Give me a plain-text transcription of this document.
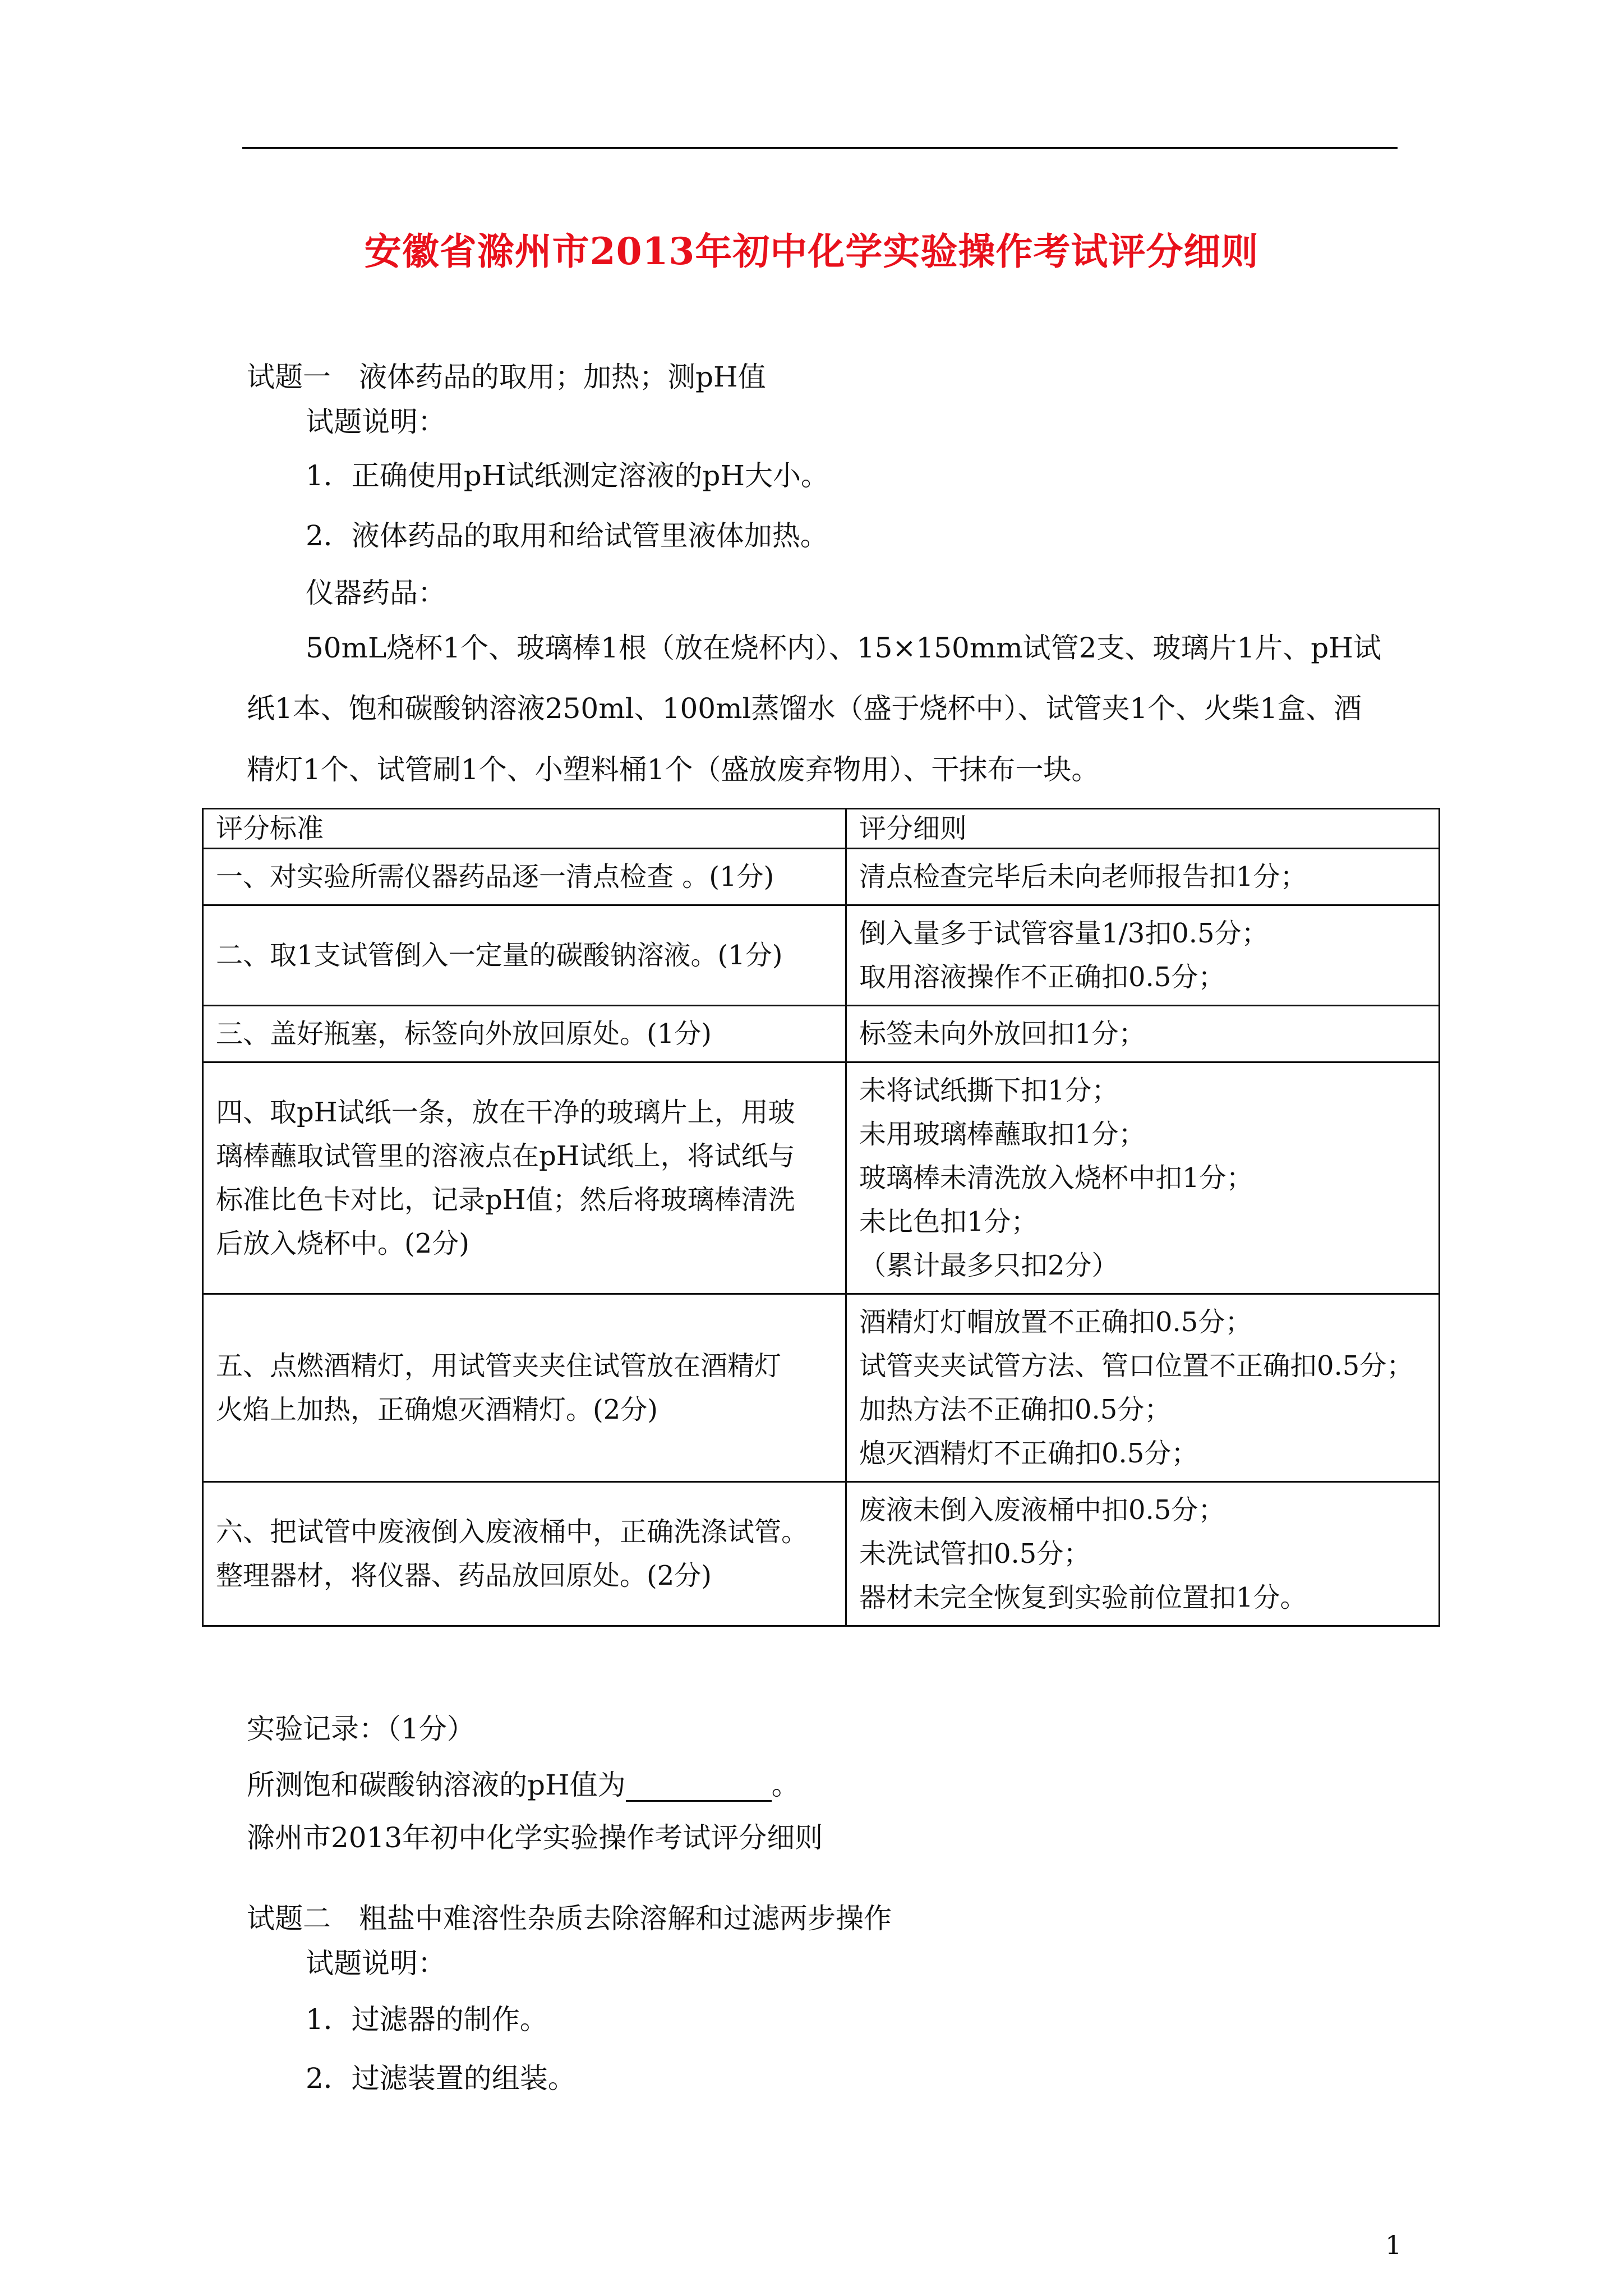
安徽省滁州市2013年初中化学实验操作考试评分细则
试题一　液体药品的取用；加热；测pH值
试题说明：
1．正确使用pH试纸测定溶液的pH大小。
2．液体药品的取用和给试管里液体加热。
仪器药品：
50mL烧杯1个、玻璃棒1根（放在烧杯内）、15×150mm试管2支、玻璃片1片、pH试
纸1本、饱和碳酸钠溶液250ml、100ml蒸馏水（盛于烧杯中）、试管夹1个、火柴1盒、酒
精灯1个、试管刷1个、小塑料桶1个（盛放废弃物用）、干抹布一块。
评分标准	评分细则

一、对实验所需仪器药品逐一清点检查 。(1分)	清点检查完毕后未向老师报告扣1分；

二、取1支试管倒入一定量的碳酸钠溶液。(1分)	倒入量多于试管容量1/3扣0.5分；
取用溶液操作不正确扣0.5分；

三、盖好瓶塞，标签向外放回原处。(1分)	标签未向外放回扣1分；

四、取pH试纸一条，放在干净的玻璃片上，用玻
璃棒蘸取试管里的溶液点在pH试纸上，将试纸与
标准比色卡对比，记录pH值；然后将玻璃棒清洗
后放入烧杯中。(2分)	未将试纸撕下扣1分；
未用玻璃棒蘸取扣1分；
玻璃棒未清洗放入烧杯中扣1分；
未比色扣1分；
（累计最多只扣2分）

五、点燃酒精灯，用试管夹夹住试管放在酒精灯
火焰上加热，正确熄灭酒精灯。(2分)	酒精灯灯帽放置不正确扣0.5分；
试管夹夹试管方法、管口位置不正确扣0.5分；
加热方法不正确扣0.5分；
熄灭酒精灯不正确扣0.5分；

六、把试管中废液倒入废液桶中，正确洗涤试管。
整理器材，将仪器、药品放回原处。(2分)	废液未倒入废液桶中扣0.5分；
未洗试管扣0.5分；
器材未完全恢复到实验前位置扣1分。
实验记录：（1分）
所测饱和碳酸钠溶液的pH值为	。
滁州市2013年初中化学实验操作考试评分细则
试题二　粗盐中难溶性杂质去除溶解和过滤两步操作
试题说明：
1．过滤器的制作。
2．过滤装置的组装。
1
